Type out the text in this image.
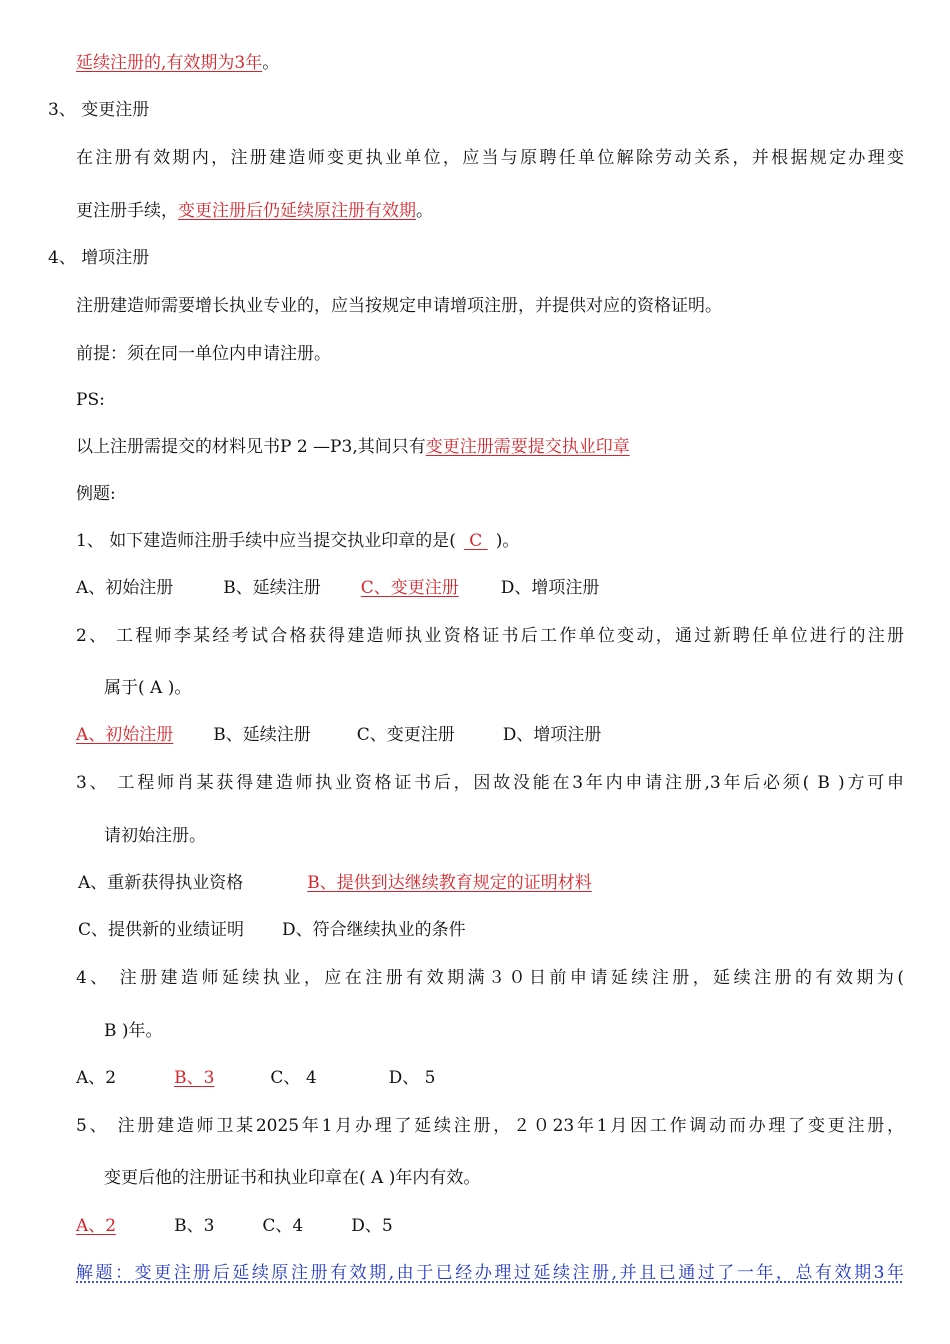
延续注册的,有效期为3年。
3、 变更注册
在注册有效期内，注册建造师变更执业单位，应当与原聘任单位解除劳动关系，并根据规定办理变
更注册手续，变更注册后仍延续原注册有效期。
4、 增项注册
注册建造师需要增长执业专业的，应当按规定申请增项注册，并提供对应的资格证明。
前提：须在同一单位内申请注册。
PS:
以上注册需提交的材料见书P 2 —P3,其间只有变更注册需要提交执业印章
例题:
1、 如下建造师注册手续中应当提交执业印章的是( C )。
A、初始注册	B、延续注册 C、变更注册 D、增项注册
2、 工程师李某经考试合格获得建造师执业资格证书后工作单位变动，通过新聘任单位进行的注册
属于( A )。
A、初始注册 B、延续注册	C、变更注册	D、增项注册
3、 工程师肖某获得建造师执业资格证书后，因故没能在3年内申请注册,3年后必须( B )方可申
请初始注册。
A、重新获得执业资格	B、提供到达继续教育规定的证明材料
C、提供新的业绩证明 D、符合继续执业的条件
4、 注册建造师延续执业，应在注册有效期满３０日前申请延续注册，延续注册的有效期为(
B )年。
A、2	B、3	C、 4	D、 5
5、 注册建造师卫某2025年1月办理了延续注册，２０23年1月因工作调动而办理了变更注册，
变更后他的注册证书和执业印章在( A )年内有效。
A、2	B、3	C、4	D、5
解题：变更注册后延续原注册有效期,由于已经办理过延续注册,并且已通过了一年，总有效期3年
